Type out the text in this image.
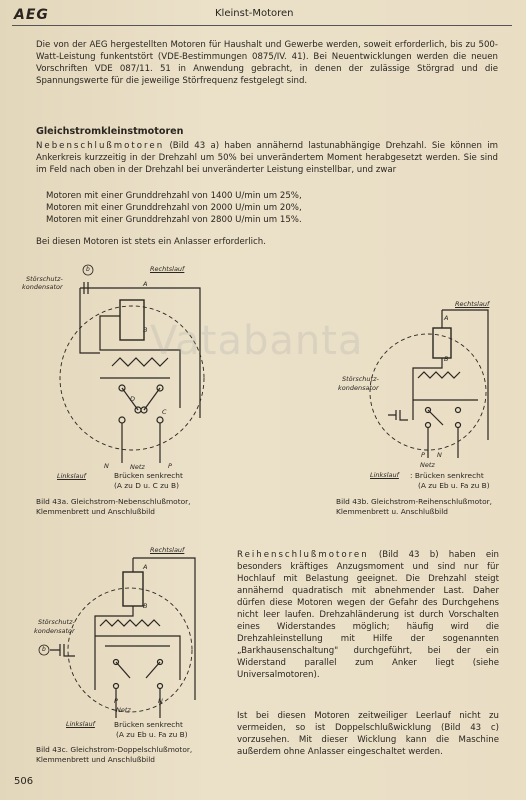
AEG	Kleinst-Motoren

Die von der AEG hergestellten Motoren für Haushalt und Gewerbe werden, soweit erforderlich, bis zu 500-Watt-Leistung funkentstört (VDE-Bestimmungen 0875/IV. 41). Bei Neuentwicklungen werden die neuen Vorschriften VDE 087/11. 51 in Anwendung gebracht, in denen der zulässige Störgrad und die Spannungswerte für die jeweilige Störfrequenz festgelegt sind.

Gleichstromkleinstmotoren

Nebenschlußmotoren (Bild 43 a) haben annähernd lastunabhängige Drehzahl. Sie können im Ankerkreis kurzzeitig in der Drehzahl um 50% bei unverändertem Moment herabgesetzt werden. Sie sind im Feld nach oben in der Drehzahl bei unveränderter Leistung einstellbar, und zwar

Motoren mit einer Grunddrehzahl von 1400 U/min um 25%,
Motoren mit einer Grunddrehzahl von 2000 U/min um 20%,
Motoren mit einer Grunddrehzahl von 2800 U/min um 15%.
Bei diesen Motoren ist stets ein Anlasser erforderlich.
Störschutz-
kondensator
b	Rechtslauf
A
B
D
C
N	Netz	P
Linkslauf	Brücken senkrecht
(A zu D u. C zu B)
Bild 43a. Gleichstrom-Nebenschlußmotor,
Klemmenbrett und Anschlußbild
Rechtslauf
A
B
Störschutz-
kondensator
P N
Netz
Linkslauf : Brücken senkrecht
(A zu Eb u. Fa zu B)
Bild 43b. Gleichstrom-Reihenschlußmotor,
Klemmenbrett u. Anschlußbild
Rechtslauf
A
B
Störschutz-
kondensator
b
P	N
Netz
Linkslauf	Brücken senkrecht
(A zu Eb u. Fa zu B)
Bild 43c. Gleichstrom-Doppelschlußmotor,
Klemmenbrett und Anschlußbild

Reihenschlußmotoren (Bild 43 b) haben ein besonders kräftiges Anzugsmoment und sind nur für Hochlauf mit Belastung geeignet. Die Drehzahl steigt annähernd quadratisch mit abnehmender Last. Daher dürfen diese Motoren wegen der Gefahr des Durchgehens nicht leer laufen. Drehzahländerung ist durch Vorschalten eines Widerstandes möglich; häufig wird die Drehzahleinstellung mit Hilfe der sogenannten „Barkhausenschaltung" durchgeführt, bei der ein Widerstand parallel zum Anker liegt (siehe Universalmotoren).

Ist bei diesen Motoren zeitweiliger Leerlauf nicht zu vermeiden, so ist Doppelschlußwicklung (Bild 43 c) vorzusehen. Mit dieser Wicklung kann die Maschine außerdem ohne Anlasser eingeschaltet werden.

Vatabanta
506
